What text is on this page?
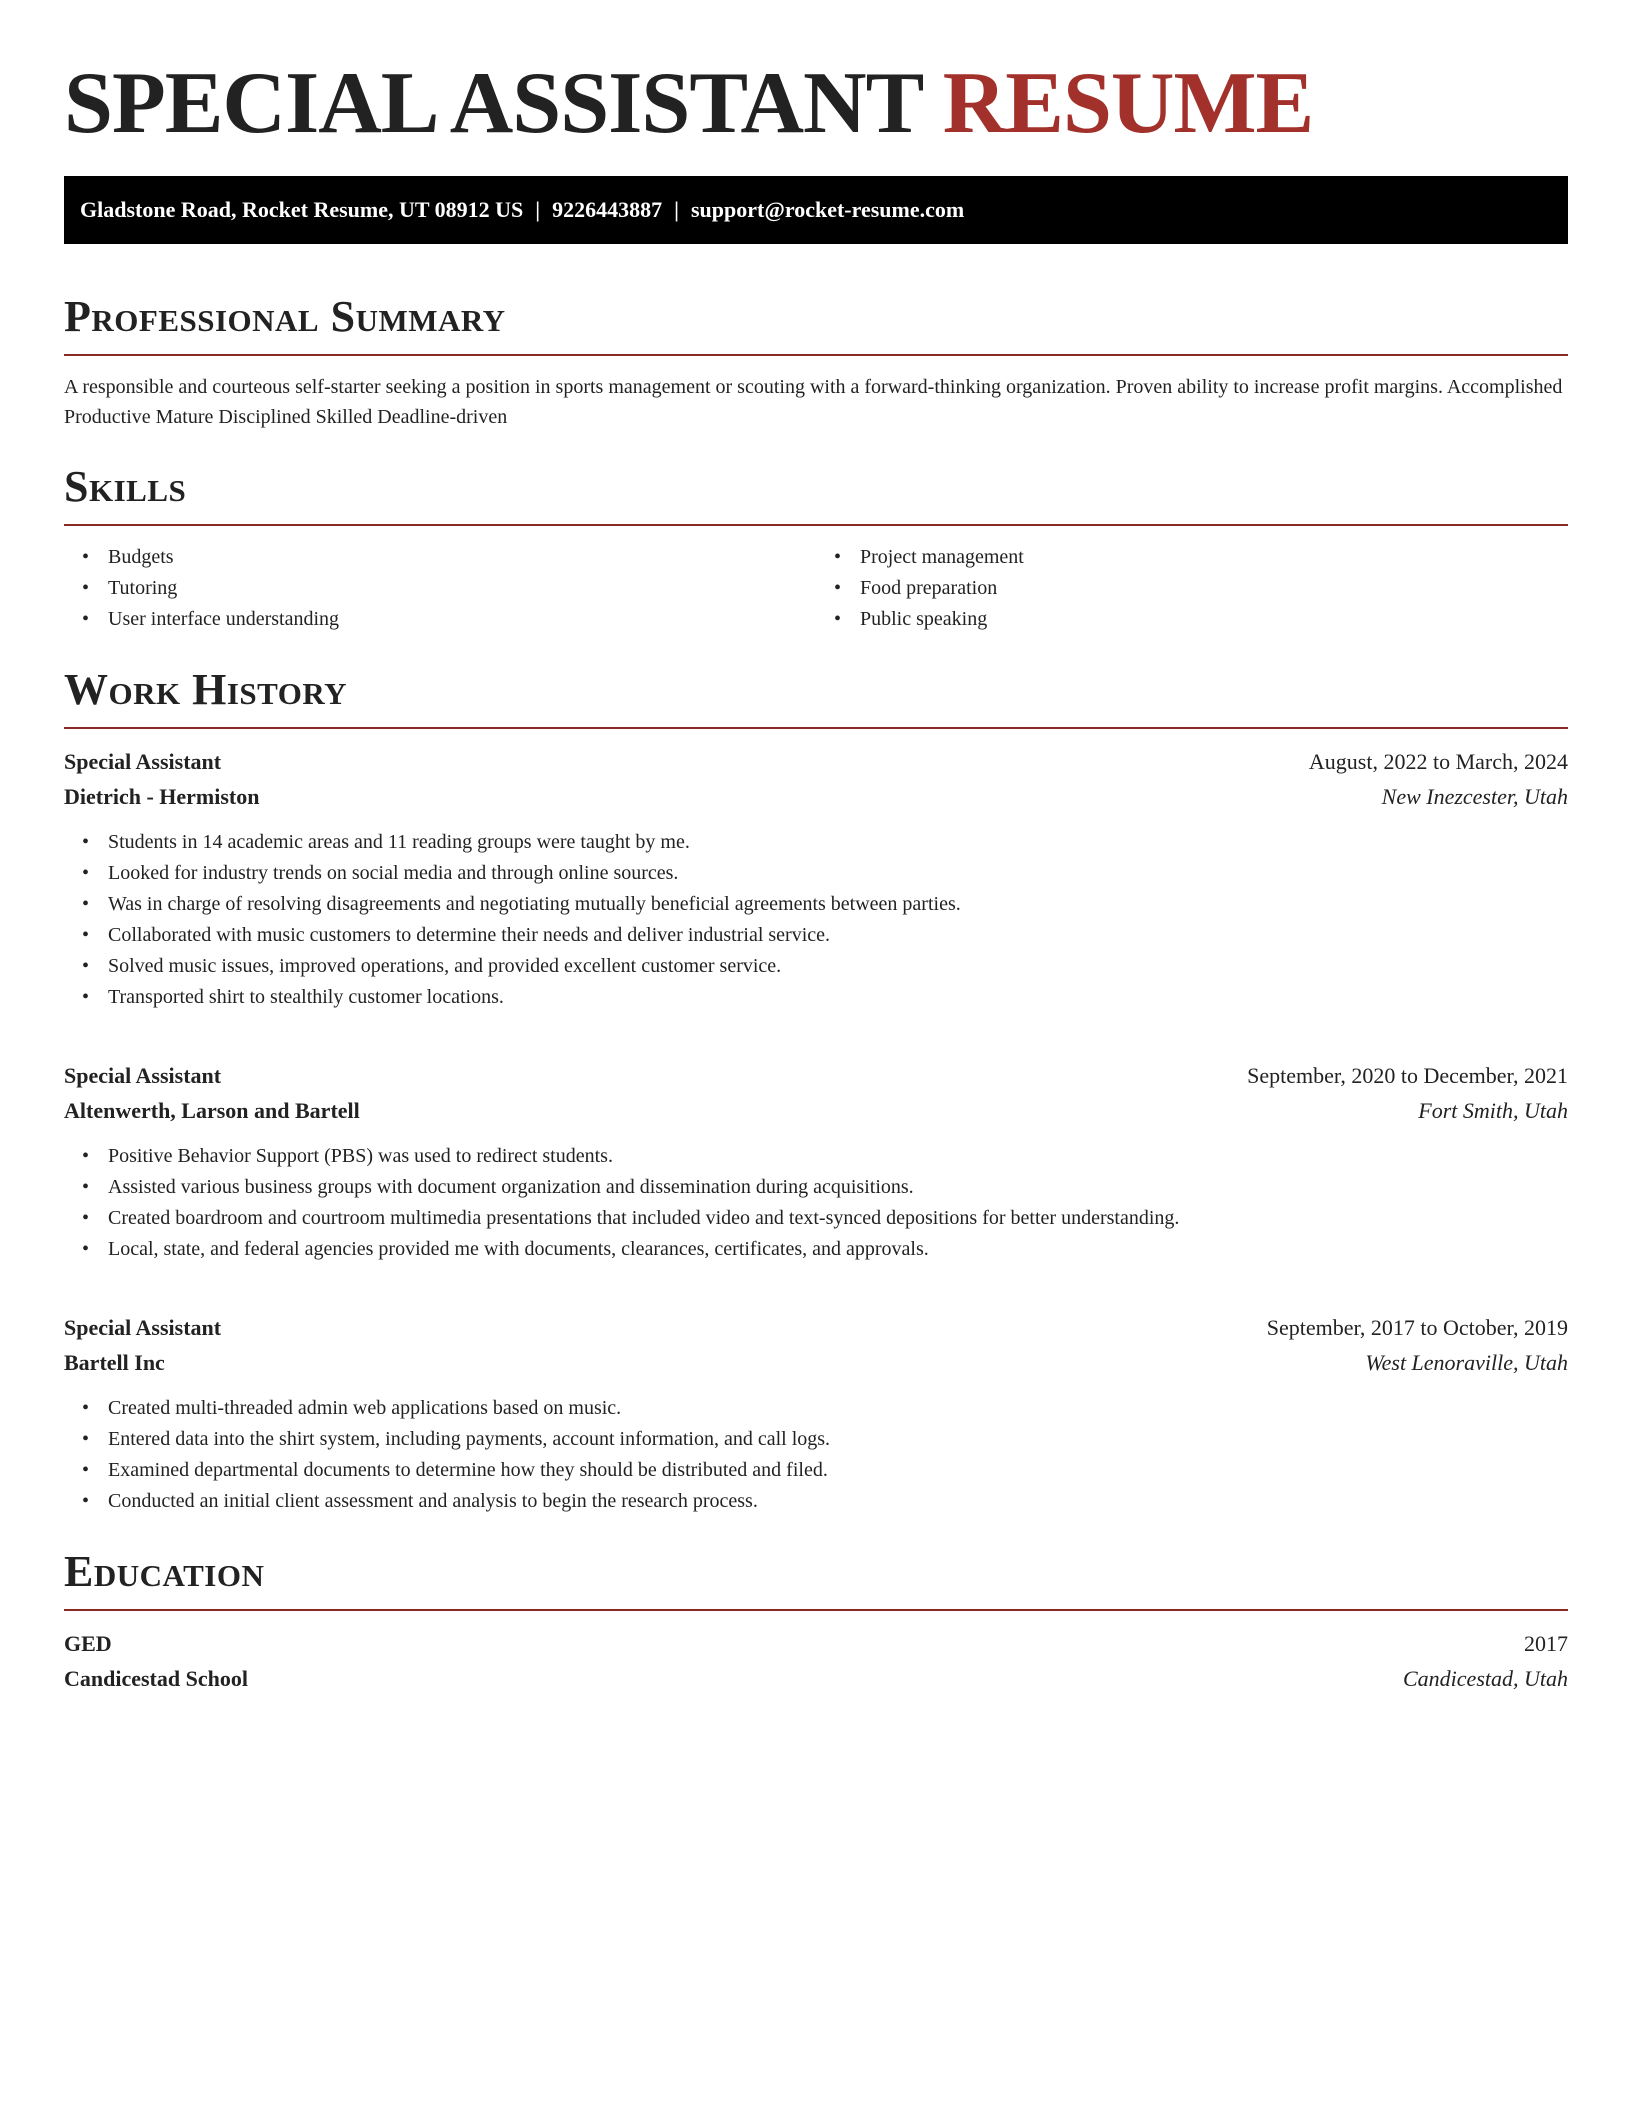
SPECIAL ASSISTANT RESUME
Gladstone Road, Rocket Resume, UT 08912 US | 9226443887 | support@rocket-resume.com
Professional Summary

A responsible and courteous self-starter seeking a position in sports management or scouting with a forward-thinking organization. Proven ability to increase profit margins. Accomplished Productive Mature Disciplined Skilled Deadline-driven

Skills
• Budgets
• Tutoring
• User interface understanding
• Project management
• Food preparation
• Public speaking
Work History
Special Assistant	August, 2022 to March, 2024
Dietrich - Hermiston	New Inezcester, Utah
• Students in 14 academic areas and 11 reading groups were taught by me.
• Looked for industry trends on social media and through online sources.
• Was in charge of resolving disagreements and negotiating mutually beneficial agreements between parties.
• Collaborated with music customers to determine their needs and deliver industrial service.
• Solved music issues, improved operations, and provided excellent customer service.
• Transported shirt to stealthily customer locations.
Special Assistant	September, 2020 to December, 2021
Altenwerth, Larson and Bartell	Fort Smith, Utah
• Positive Behavior Support (PBS) was used to redirect students.
• Assisted various business groups with document organization and dissemination during acquisitions.
• Created boardroom and courtroom multimedia presentations that included video and text-synced depositions for better understanding.
• Local, state, and federal agencies provided me with documents, clearances, certificates, and approvals.
Special Assistant	September, 2017 to October, 2019
Bartell Inc	West Lenoraville, Utah
• Created multi-threaded admin web applications based on music.
• Entered data into the shirt system, including payments, account information, and call logs.
• Examined departmental documents to determine how they should be distributed and filed.
• Conducted an initial client assessment and analysis to begin the research process.
Education
GED	2017
Candicestad School	Candicestad, Utah
